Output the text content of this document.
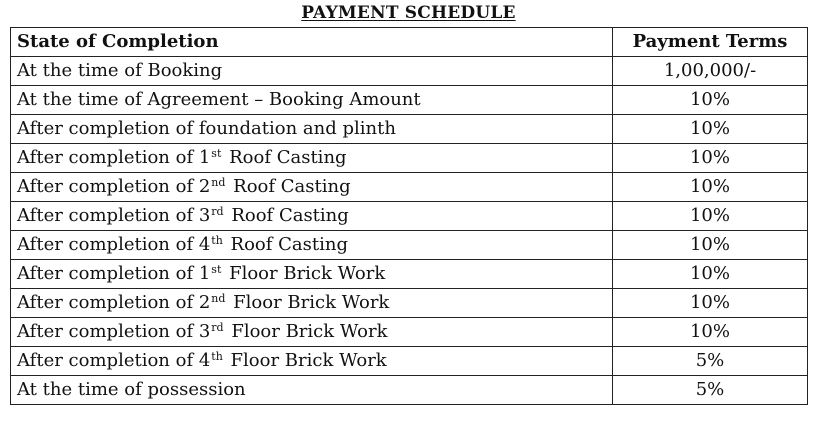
PAYMENT SCHEDULE
State of Completion	Payment Terms
At the time of Booking	1,00,000/-
At the time of Agreement – Booking Amount	10%
After completion of foundation and plinth	10%
After completion of 1st Roof Casting	10%
After completion of 2nd Roof Casting	10%
After completion of 3rd Roof Casting	10%
After completion of 4th Roof Casting	10%
After completion of 1st Floor Brick Work	10%
After completion of 2nd Floor Brick Work	10%
After completion of 3rd Floor Brick Work	10%
After completion of 4th Floor Brick Work	5%
At the time of possession	5%
